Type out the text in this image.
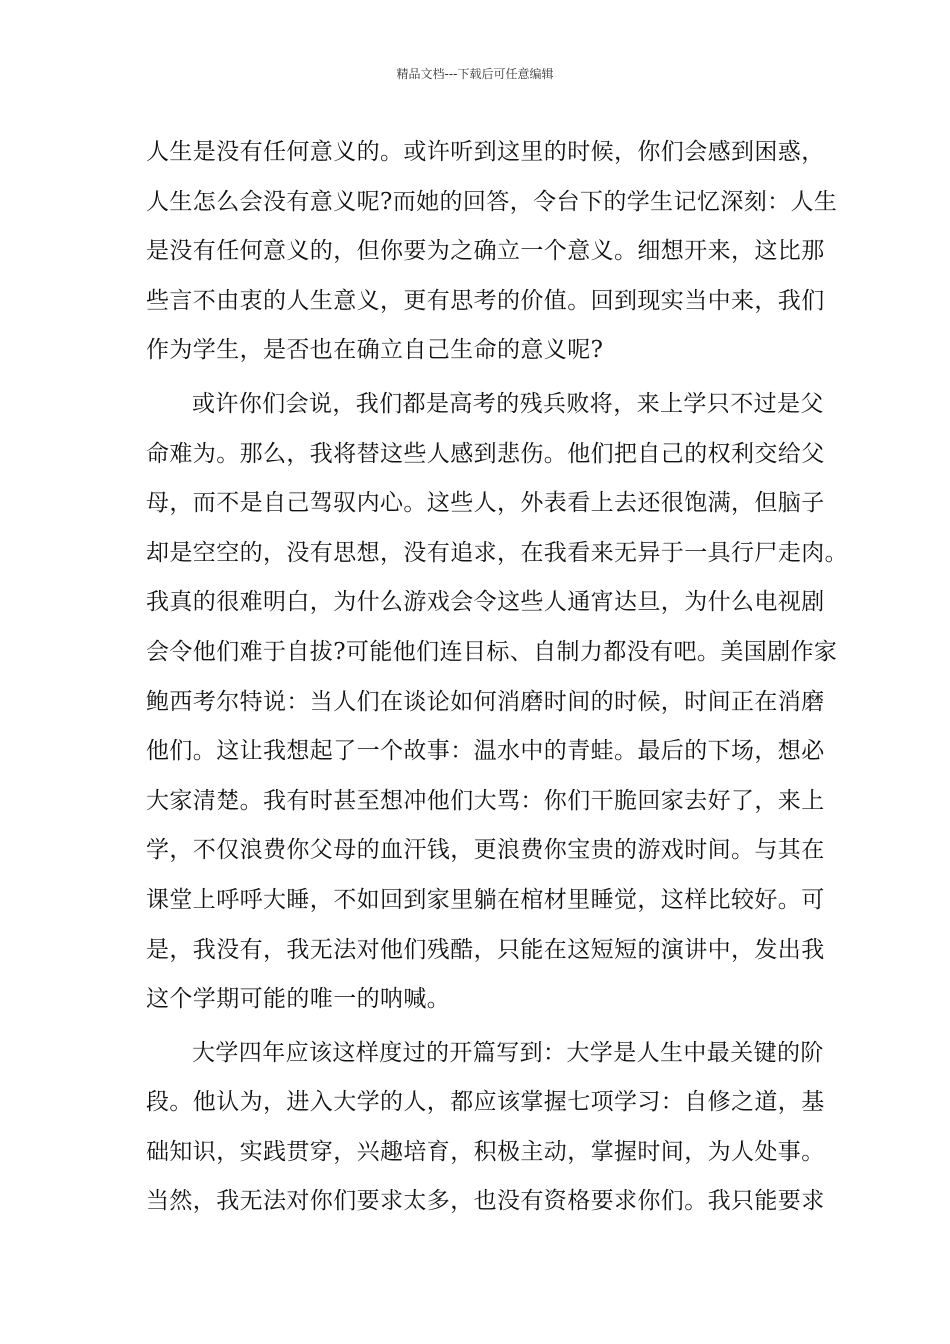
精品文档---下载后可任意编辑
人生是没有任何意义的。或许听到这里的时候，你们会感到困惑，
人生怎么会没有意义呢?而她的回答，令台下的学生记忆深刻：人生
是没有任何意义的，但你要为之确立一个意义。细想开来，这比那
些言不由衷的人生意义，更有思考的价值。回到现实当中来，我们
作为学生，是否也在确立自己生命的意义呢?
或许你们会说，我们都是高考的残兵败将，来上学只不过是父
命难为。那么，我将替这些人感到悲伤。他们把自己的权利交给父
母，而不是自己驾驭内心。这些人，外表看上去还很饱满，但脑子
却是空空的，没有思想，没有追求，在我看来无异于一具行尸走肉。
我真的很难明白，为什么游戏会令这些人通宵达旦，为什么电视剧
会令他们难于自拔?可能他们连目标、自制力都没有吧。美国剧作家
鲍西考尔特说：当人们在谈论如何消磨时间的时候，时间正在消磨
他们。这让我想起了一个故事：温水中的青蛙。最后的下场，想必
大家清楚。我有时甚至想冲他们大骂：你们干脆回家去好了，来上
学，不仅浪费你父母的血汗钱，更浪费你宝贵的游戏时间。与其在
课堂上呼呼大睡，不如回到家里躺在棺材里睡觉，这样比较好。可
是，我没有，我无法对他们残酷，只能在这短短的演讲中，发出我
这个学期可能的唯一的呐喊。
大学四年应该这样度过的开篇写到：大学是人生中最关键的阶
段。他认为，进入大学的人，都应该掌握七项学习：自修之道，基
础知识，实践贯穿，兴趣培育，积极主动，掌握时间，为人处事。
当然，我无法对你们要求太多，也没有资格要求你们。我只能要求
